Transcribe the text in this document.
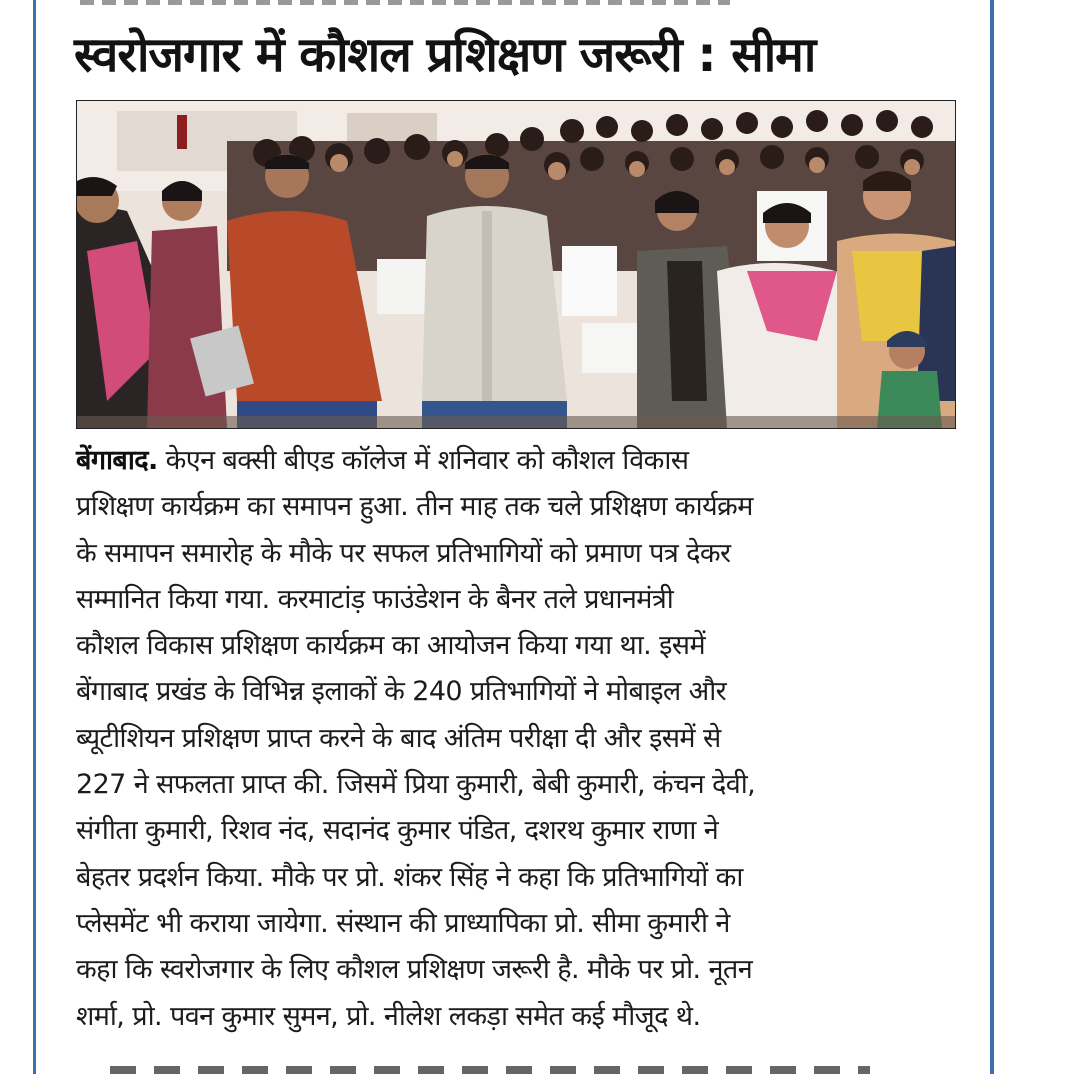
स्वरोजगार में कौशल प्रशिक्षण जरूरी : सीमा
बेंगाबाद. केएन बक्सी बीएड कॉलेज में शनिवार को कौशल विकास
प्रशिक्षण कार्यक्रम का समापन हुआ. तीन माह तक चले प्रशिक्षण कार्यक्रम
के समापन समारोह के मौके पर सफल प्रतिभागियों को प्रमाण पत्र देकर
सम्मानित किया गया. करमाटांड़ फाउंडेशन के बैनर तले प्रधानमंत्री
कौशल विकास प्रशिक्षण कार्यक्रम का आयोजन किया गया था. इसमें
बेंगाबाद प्रखंड के विभिन्न इलाकों के 240 प्रतिभागियों ने मोबाइल और
ब्यूटीशियन प्रशिक्षण प्राप्त करने के बाद अंतिम परीक्षा दी और इसमें से
227 ने सफलता प्राप्त की. जिसमें प्रिया कुमारी, बेबी कुमारी, कंचन देवी,
संगीता कुमारी, रिशव नंद, सदानंद कुमार पंडित, दशरथ कुमार राणा ने
बेहतर प्रदर्शन किया. मौके पर प्रो. शंकर सिंह ने कहा कि प्रतिभागियों का
प्लेसमेंट भी कराया जायेगा. संस्थान की प्राध्यापिका प्रो. सीमा कुमारी ने
कहा कि स्वरोजगार के लिए कौशल प्रशिक्षण जरूरी है. मौके पर प्रो. नूतन
शर्मा, प्रो. पवन कुमार सुमन, प्रो. नीलेश लकड़ा समेत कई मौजूद थे.
